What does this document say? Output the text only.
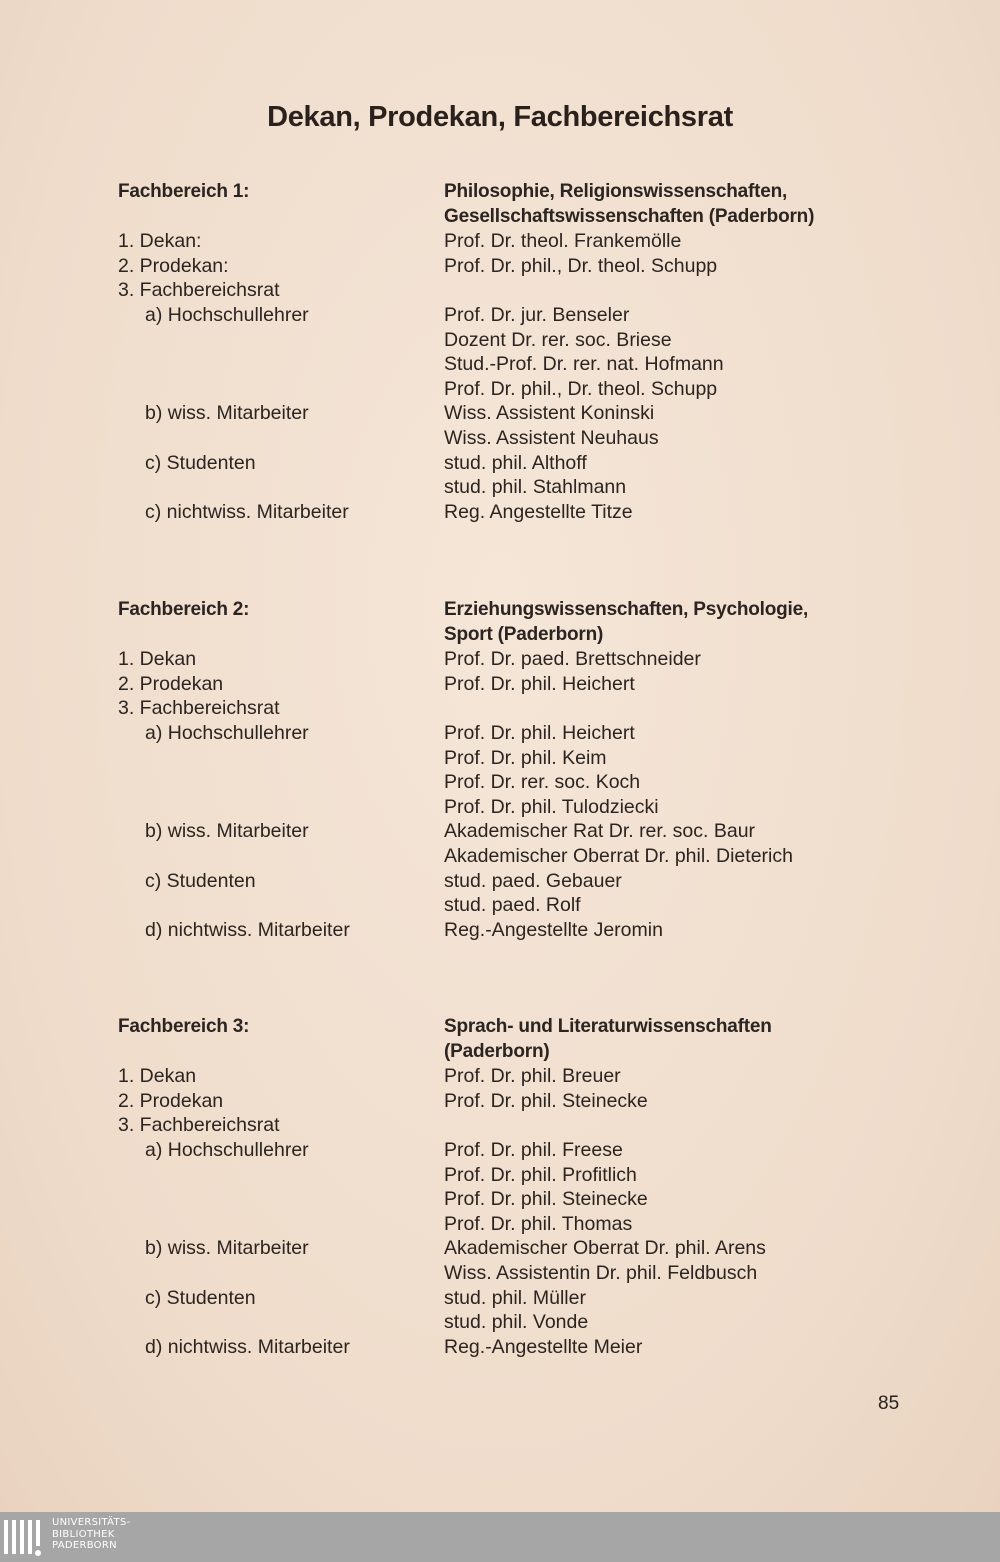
Dekan, Prodekan, Fachbereichsrat
Fachbereich 1:	Philosophie, Religionswissenschaften,
Gesellschaftswissenschaften (Paderborn)
1. Dekan:	Prof. Dr. theol. Frankemölle
2. Prodekan:	Prof. Dr. phil., Dr. theol. Schupp
3. Fachbereichsrat
a) Hochschullehrer	Prof. Dr. jur. Benseler
Dozent Dr. rer. soc. Briese
Stud.-Prof. Dr. rer. nat. Hofmann
Prof. Dr. phil., Dr. theol. Schupp
b) wiss. Mitarbeiter	Wiss. Assistent Koninski
Wiss. Assistent Neuhaus
c) Studenten	stud. phil. Althoff
stud. phil. Stahlmann
c) nichtwiss. Mitarbeiter	Reg. Angestellte Titze
Fachbereich 2:	Erziehungswissenschaften, Psychologie,
Sport (Paderborn)
1. Dekan	Prof. Dr. paed. Brettschneider
2. Prodekan	Prof. Dr. phil. Heichert
3. Fachbereichsrat
a) Hochschullehrer	Prof. Dr. phil. Heichert
Prof. Dr. phil. Keim
Prof. Dr. rer. soc. Koch
Prof. Dr. phil. Tulodziecki
b) wiss. Mitarbeiter	Akademischer Rat Dr. rer. soc. Baur
Akademischer Oberrat Dr. phil. Dieterich
c) Studenten	stud. paed. Gebauer
stud. paed. Rolf
d) nichtwiss. Mitarbeiter	Reg.-Angestellte Jeromin
Fachbereich 3:	Sprach- und Literaturwissenschaften
(Paderborn)
1. Dekan	Prof. Dr. phil. Breuer
2. Prodekan	Prof. Dr. phil. Steinecke
3. Fachbereichsrat
a) Hochschullehrer	Prof. Dr. phil. Freese
Prof. Dr. phil. Profitlich
Prof. Dr. phil. Steinecke
Prof. Dr. phil. Thomas
b) wiss. Mitarbeiter	Akademischer Oberrat Dr. phil. Arens
Wiss. Assistentin Dr. phil. Feldbusch
c) Studenten	stud. phil. Müller
stud. phil. Vonde
d) nichtwiss. Mitarbeiter	Reg.-Angestellte Meier
85
UNIVERSITÄTS-
BIBLIOTHEK
PADERBORN
